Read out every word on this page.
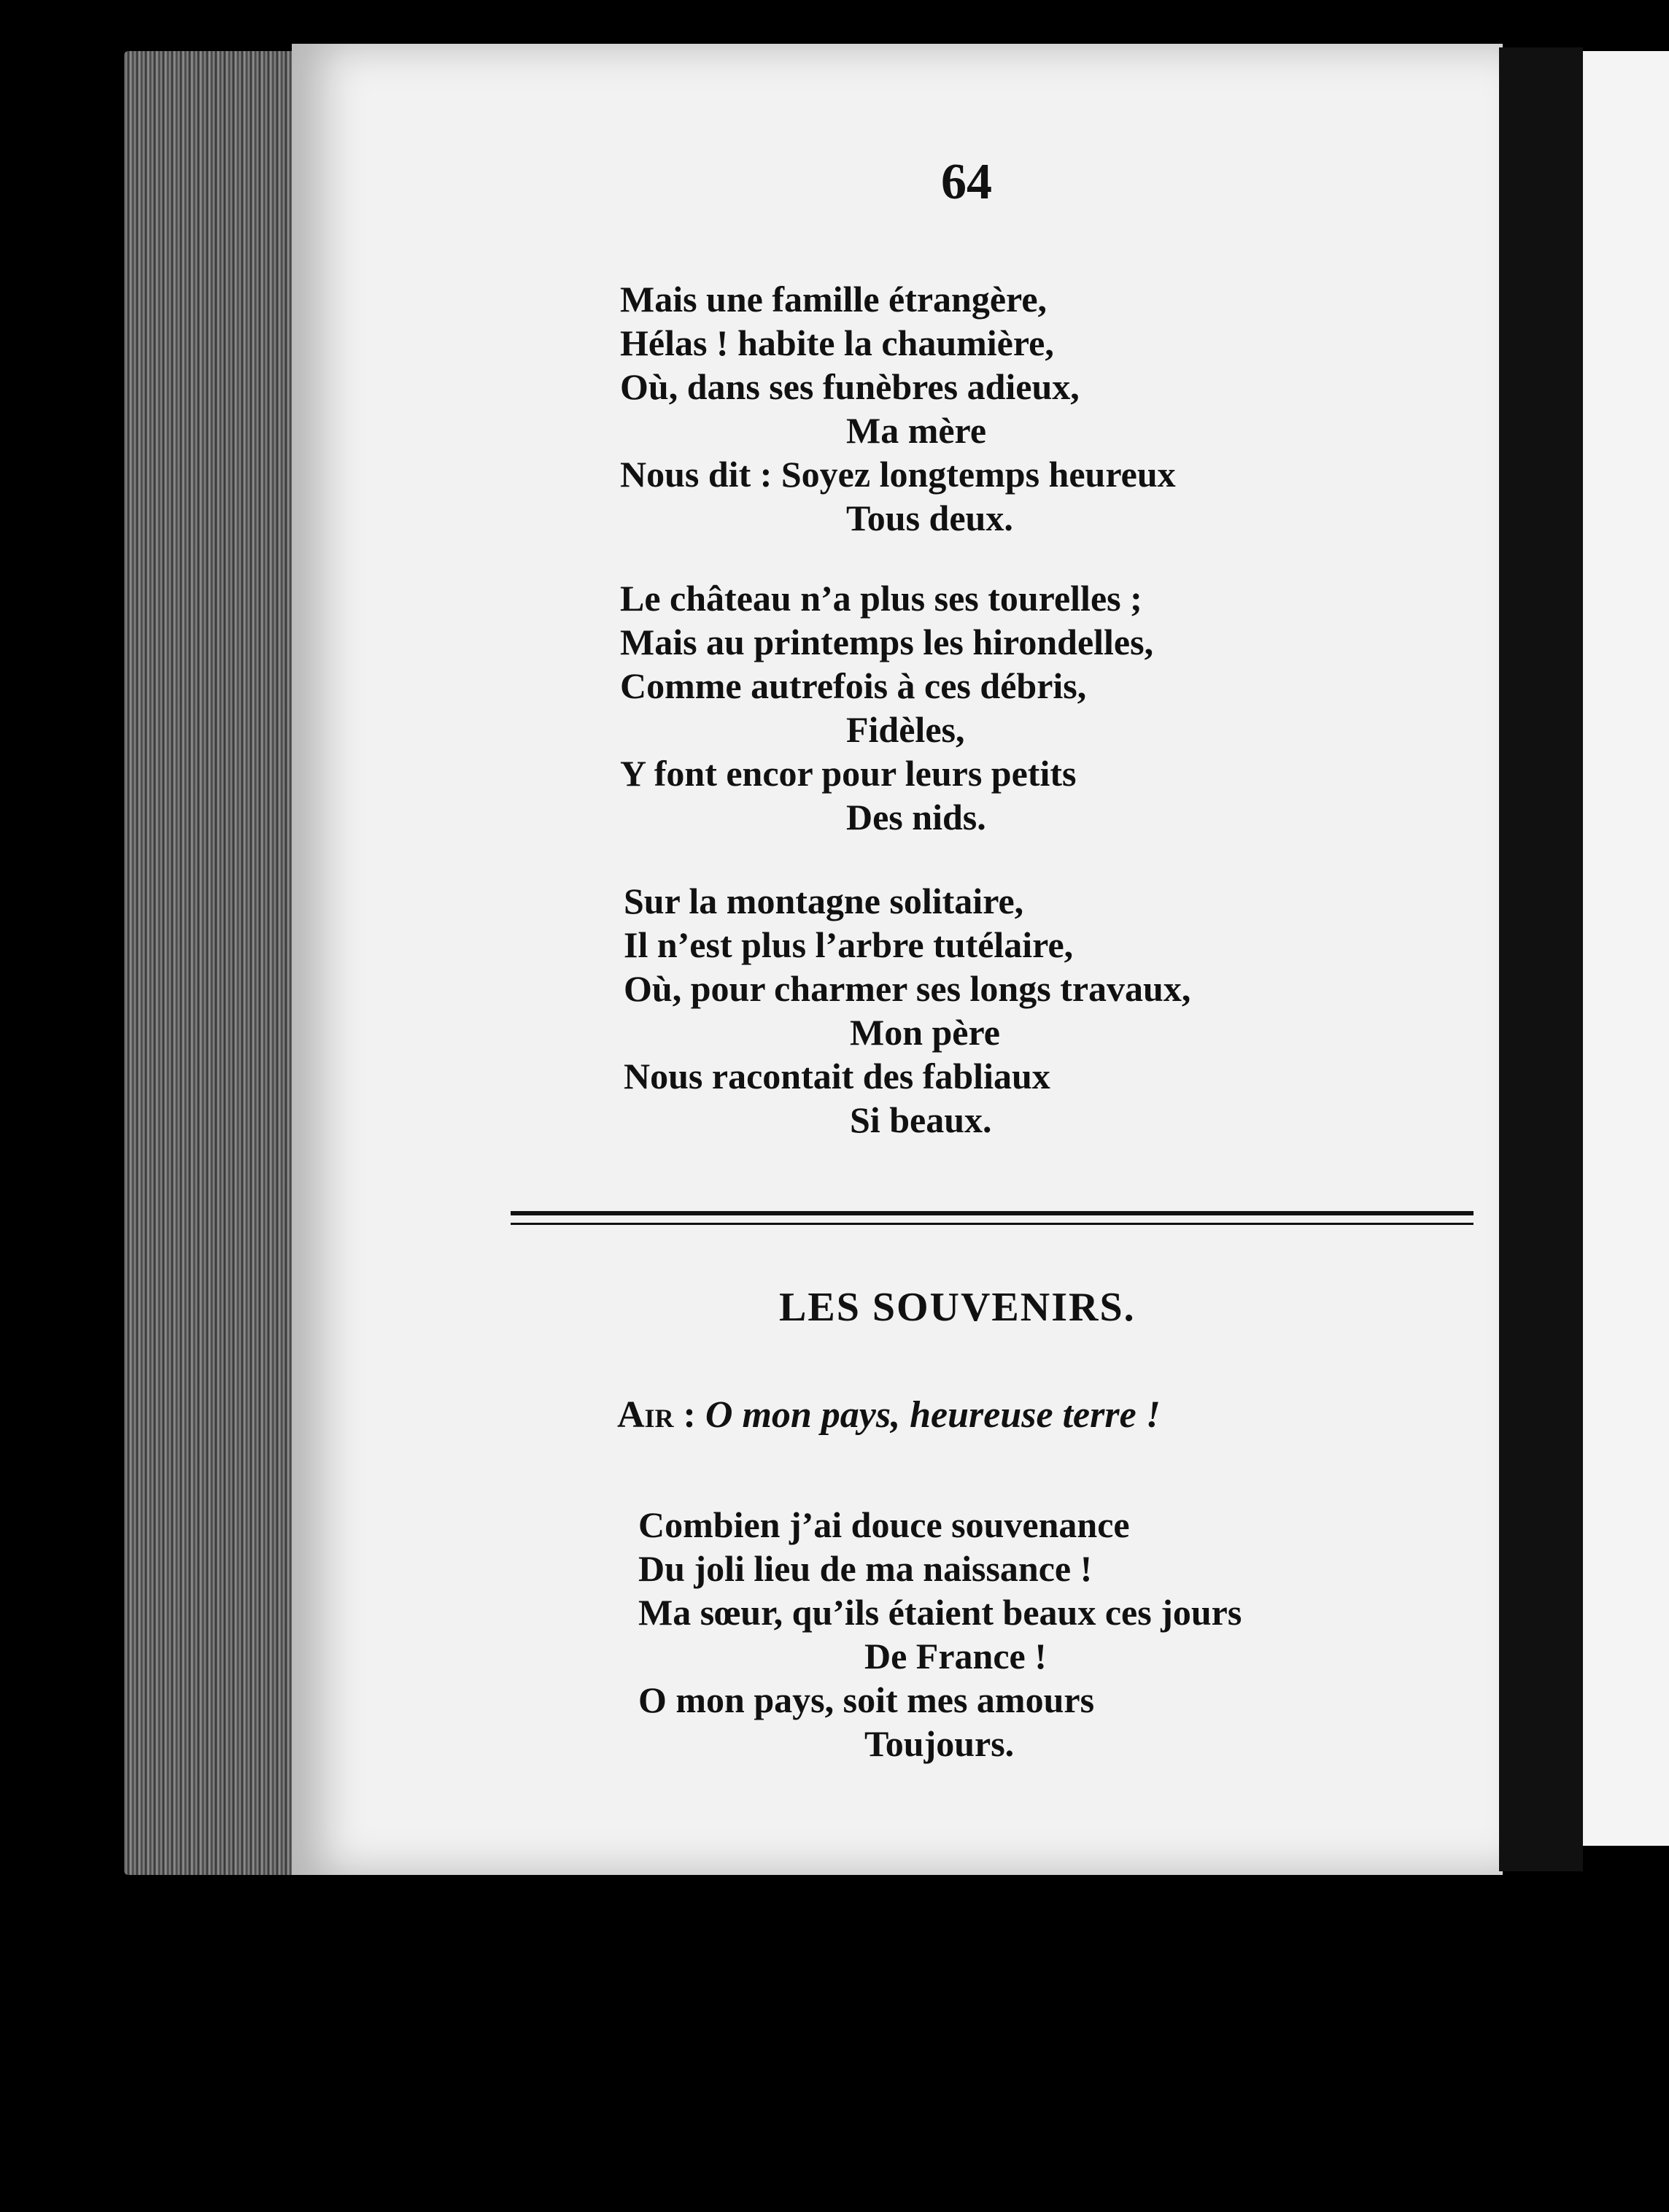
64
Mais une famille étrangère,
Hélas ! habite la chaumière,
Où, dans ses funèbres adieux,
Ma mère
Nous dit : Soyez longtemps heureux
Tous deux.
Le château n’a plus ses tourelles ;
Mais au printemps les hirondelles,
Comme autrefois à ces débris,
Fidèles,
Y font encor pour leurs petits
Des nids.
Sur la montagne solitaire,
Il n’est plus l’arbre tutélaire,
Où, pour charmer ses longs travaux,
Mon père
Nous racontait des fabliaux
Si beaux.
LES SOUVENIRS.
Air : O mon pays, heureuse terre !
Combien j’ai douce souvenance
Du joli lieu de ma naissance !
Ma sœur, qu’ils étaient beaux ces jours
De France !
O mon pays, soit mes amours
Toujours.
